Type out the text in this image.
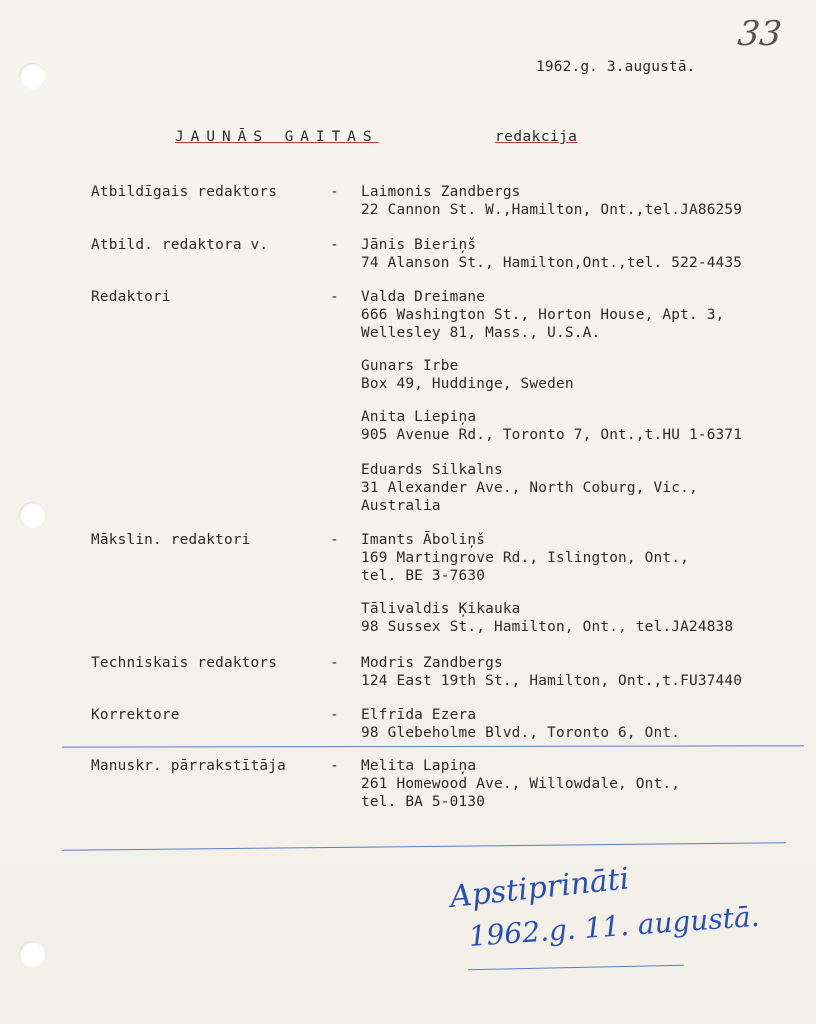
33
1962.g. 3.augustā.
JAUNĀS GAITAS	redakcija
Atbildīgais redaktors	- Laimonis Zandbergs
22 Cannon St. W.,Hamilton, Ont.,tel.JA86259
Atbild. redaktora v.	- Jānis Bieriņš
74 Alanson St., Hamilton,Ont.,tel. 522-4435
Redaktori	- Valda Dreimane
666 Washington St., Horton House, Apt. 3,
Wellesley 81, Mass., U.S.A.
Gunars Irbe
Box 49, Huddinge, Sweden
Anita Liepiņa
905 Avenue Rd., Toronto 7, Ont.,t.HU 1-6371
Eduards Silkalns
31 Alexander Ave., North Coburg, Vic.,
Australia
Mākslin. redaktori	- Imants Āboliņš
169 Martingrove Rd., Islington, Ont.,
tel. BE 3-7630
Tālivaldis Ķikauka
98 Sussex St., Hamilton, Ont., tel.JA24838
Techniskais redaktors	- Modris Zandbergs
124 East 19th St., Hamilton, Ont.,t.FU37440
Korrektore	- Elfrīda Ezera
98 Glebeholme Blvd., Toronto 6, Ont.
Manuskr. pārrakstītāja	- Melita Lapiņa
261 Homewood Ave., Willowdale, Ont.,
tel. BA 5-0130
Apstiprināti
1962.g. 11. augustā.
